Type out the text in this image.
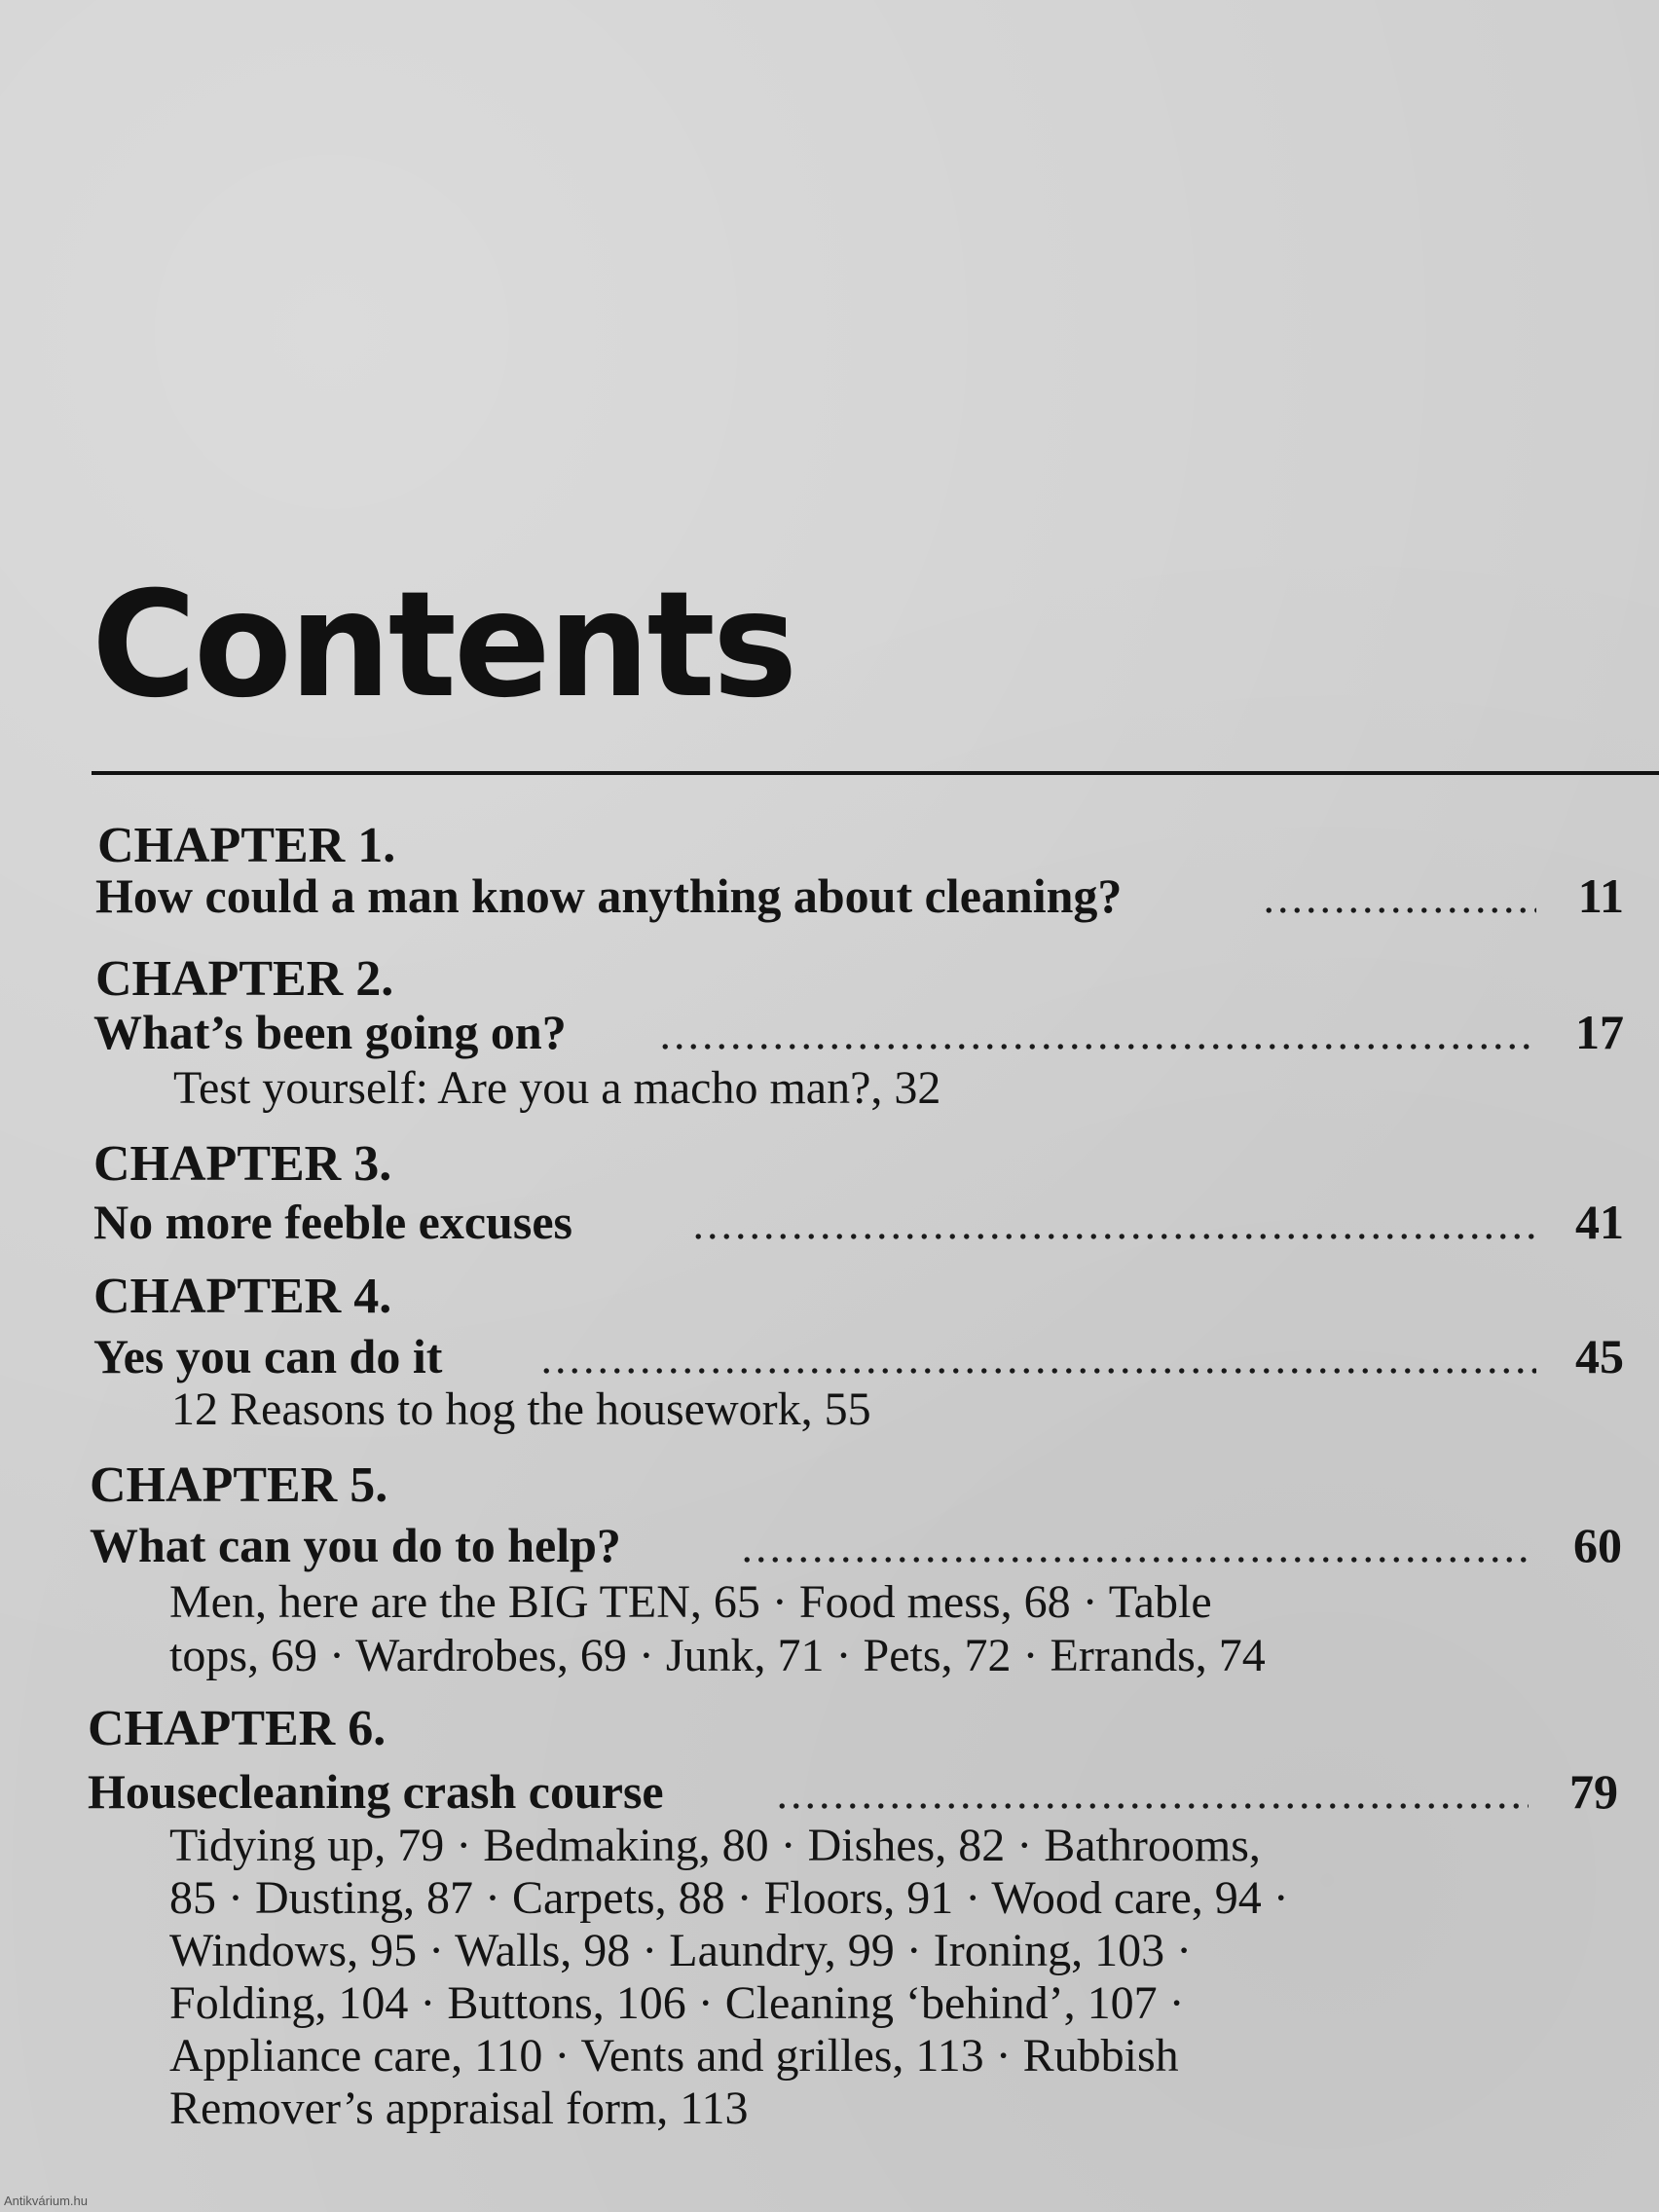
Contents
CHAPTER 1.
How could a man know anything about cleaning?	11
CHAPTER 2.
What’s been going on?	17
Test yourself: Are you a macho man?, 32
CHAPTER 3.
No more feeble excuses	41
CHAPTER 4.
Yes you can do it	45
12 Reasons to hog the housework, 55
CHAPTER 5.
What can you do to help?	60
Men, here are the BIG TEN, 65 · Food mess, 68 · Table
tops, 69 · Wardrobes, 69 · Junk, 71 · Pets, 72 · Errands, 74
CHAPTER 6.
Housecleaning crash course	79
Tidying up, 79 · Bedmaking, 80 · Dishes, 82 · Bathrooms,
85 · Dusting, 87 · Carpets, 88 · Floors, 91 · Wood care, 94 ·
Windows, 95 · Walls, 98 · Laundry, 99 · Ironing, 103 ·
Folding, 104 · Buttons, 106 · Cleaning ‘behind’, 107 ·
Appliance care, 110 · Vents and grilles, 113 · Rubbish
Remover’s appraisal form, 113
Antikvárium.hu
